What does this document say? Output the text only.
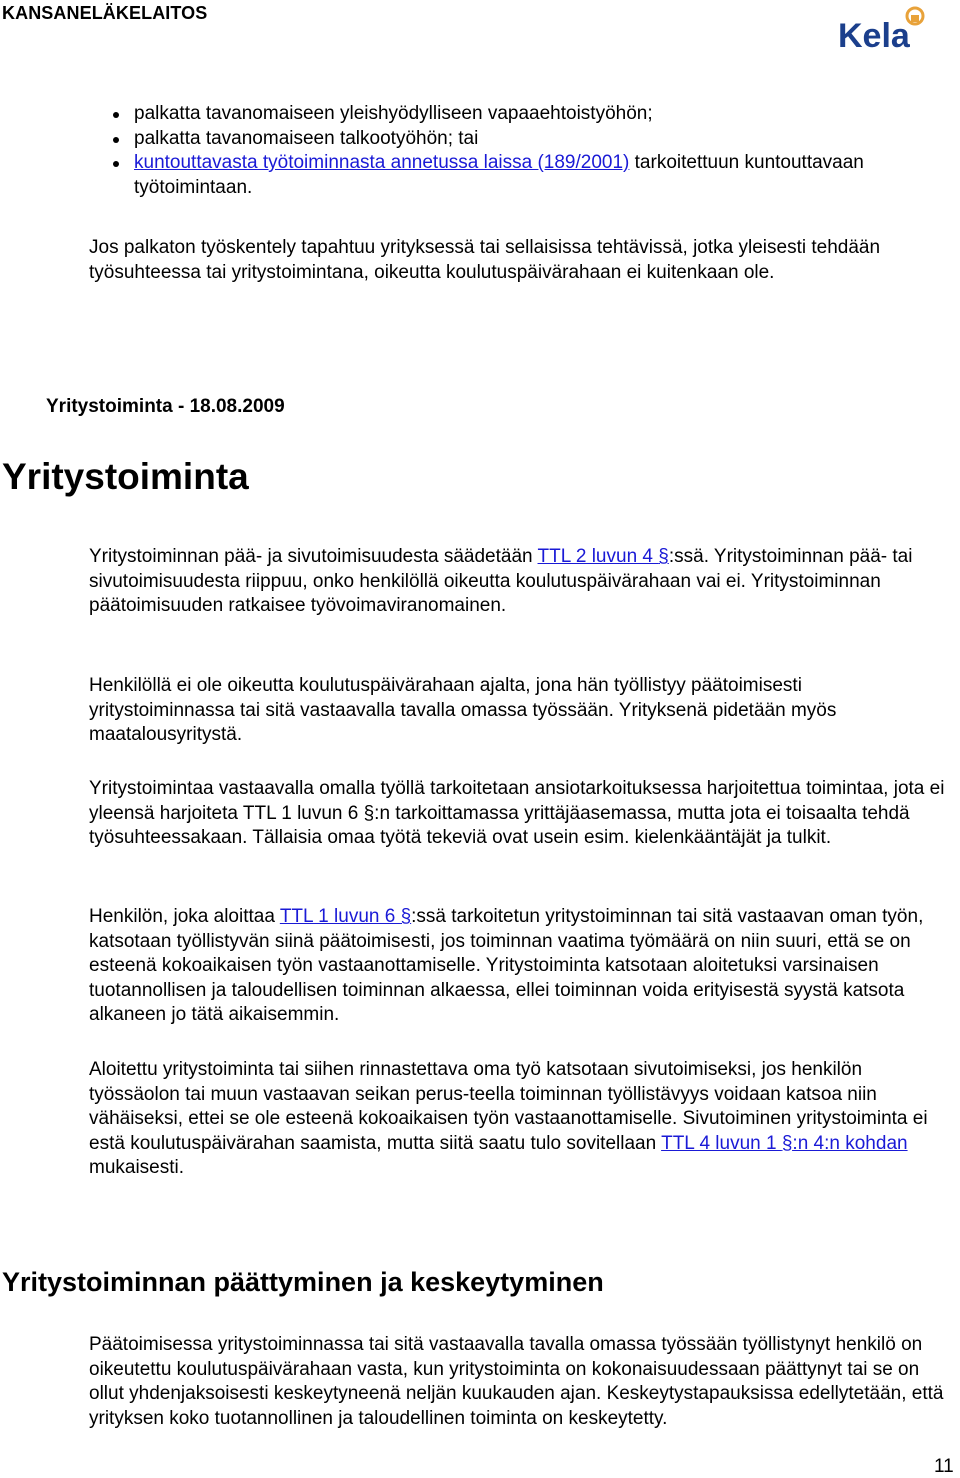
KANSANELÄKELAITOS
Kela
palkatta tavanomaiseen yleishyödylliseen vapaaehtoistyöhön;
palkatta tavanomaiseen talkootyöhön; tai
kuntouttavasta työtoiminnasta annetussa laissa (189/2001) tarkoitettuun kuntouttavaan työtoimintaan.

Jos palkaton työskentely tapahtuu yrityksessä tai sellaisissa tehtävissä, jotka yleisesti tehdään työsuhteessa tai yritystoimintana, oikeutta koulutuspäivärahaan ei kuitenkaan ole.

Yritystoiminnan pää- ja sivutoimisuudesta säädetään TTL 2 luvun 4 §:ssä. Yritystoiminnan pää- tai sivutoimisuudesta riippuu, onko henkilöllä oikeutta koulutuspäivärahaan vai ei. Yritystoiminnan päätoimisuuden ratkaisee työvoimaviranomainen.

Henkilöllä ei ole oikeutta koulutuspäivärahaan ajalta, jona hän työllistyy päätoimisesti yritystoiminnassa tai sitä vastaavalla tavalla omassa työssään. Yrityksenä pidetään myös maatalousyritystä.

Yritystoimintaa vastaavalla omalla työllä tarkoitetaan ansiotarkoituksessa harjoitettua toimintaa, jota ei yleensä harjoiteta TTL 1 luvun 6 §:n tarkoittamassa yrittäjäasemassa, mutta jota ei toisaalta tehdä työsuhteessakaan. Tällaisia omaa työtä tekeviä ovat usein esim. kielenkääntäjät ja tulkit.

Henkilön, joka aloittaa TTL 1 luvun 6 §:ssä tarkoitetun yritystoiminnan tai sitä vastaavan oman työn, katsotaan työllistyvän siinä päätoimisesti, jos toiminnan vaatima työmäärä on niin suuri, että se on esteenä kokoaikaisen työn vastaanottamiselle. Yritystoiminta katsotaan aloitetuksi varsinaisen tuotannollisen ja taloudellisen toiminnan alkaessa, ellei toiminnan voida erityisestä syystä katsota alkaneen jo tätä aikaisemmin.

Aloitettu yritystoiminta tai siihen rinnastettava oma työ katsotaan sivutoimiseksi, jos henkilön työssäolon tai muun vastaavan seikan perus-teella toiminnan työllistävyys voidaan katsoa niin vähäiseksi, ettei se ole esteenä kokoaikaisen työn vastaanottamiselle. Sivutoiminen yritystoiminta ei estä koulutuspäivärahan saamista, mutta siitä saatu tulo sovitellaan TTL 4 luvun 1 §:n 4:n kohdan mukaisesti.

Päätoimisessa yritystoiminnassa tai sitä vastaavalla tavalla omassa työssään työllistynyt henkilö on oikeutettu koulutuspäivärahaan vasta, kun yritystoiminta on kokonaisuudessaan päättynyt tai se on ollut yhdenjaksoisesti keskeytyneenä neljän kuukauden ajan. Keskeytystapauksissa edellytetään, että yrityksen koko tuotannollinen ja taloudellinen toiminta on keskeytetty.

Yritystoiminta - 18.08.2009
Yritystoiminta
Yritystoiminnan päättyminen ja keskeytyminen
11
